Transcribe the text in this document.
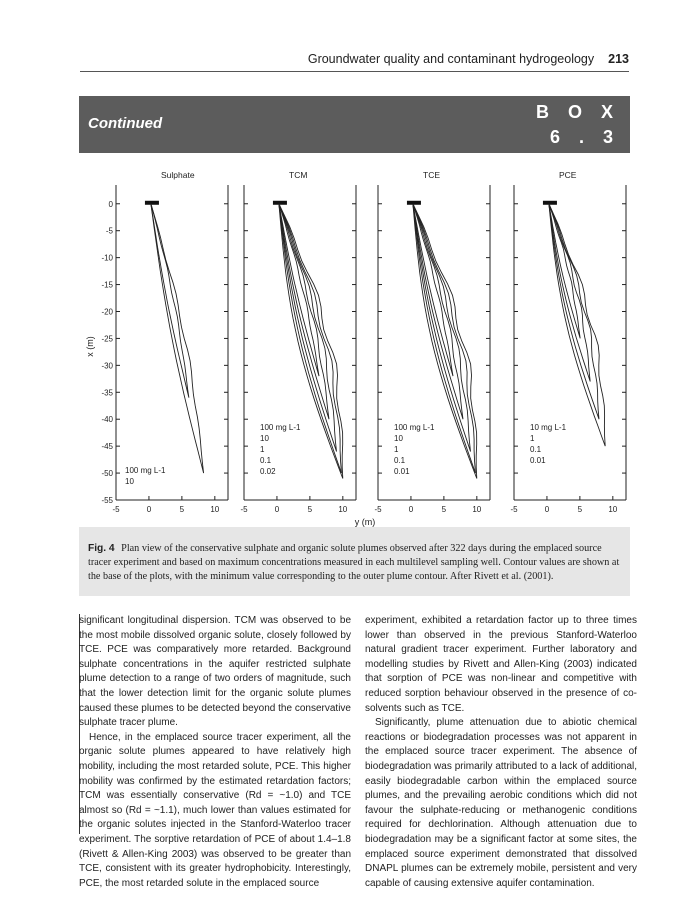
Groundwater quality and contaminant hydrogeology 213
Continued
B O X
6 . 3
0
-5
-10
-15
-20
-25
-30
-35
-40
-45
-50
-55
-5	0	5	10
Sulphate
100 mg L-1
10
-5	0	5	10
TCM
100 mg L-1
10
1
0.1
0.02
-5	0	5	10
TCE
100 mg L-1
10
1
0.1
0.01
-5	0	5	10
PCE
10 mg L-1
1
0.1
0.01
x (m)
y (m)
Fig. 4 Plan view of the conservative sulphate and organic solute plumes observed after 322 days during the emplaced source tracer experiment and based on maximum concentrations measured in each multilevel sampling well. Contour values are shown at the base of the plots, with the minimum value corresponding to the outer plume contour. After Rivett et al. (2001).

significant longitudinal dispersion. TCM was observed to be the most mobile dissolved organic solute, closely followed by TCE. PCE was comparatively more retarded. Background sulphate concentrations in the aquifer restricted sulphate plume detection to a range of two orders of magnitude, such that the lower detection limit for the organic solute plumes caused these plumes to be detected beyond the conservative sulphate tracer plume.

Hence, in the emplaced source tracer experiment, all the organic solute plumes appeared to have relatively high mobility, including the most retarded solute, PCE. This higher mobility was confirmed by the estimated retardation factors; TCM was essentially conservative (Rd = ~1.0) and TCE almost so (Rd = ~1.1), much lower than values estimated for the organic solutes injected in the Stanford-Waterloo tracer experiment. The sorptive retardation of PCE of about 1.4–1.8 (Rivett & Allen-King 2003) was observed to be greater than TCE, consistent with its greater hydrophobicity. Interestingly, PCE, the most retarded solute in the emplaced source

experiment, exhibited a retardation factor up to three times lower than observed in the previous Stanford-Waterloo natural gradient tracer experiment. Further laboratory and modelling studies by Rivett and Allen-King (2003) indicated that sorption of PCE was non-linear and competitive with reduced sorption behaviour observed in the presence of co-solvents such as TCE.

Significantly, plume attenuation due to abiotic chemical reactions or biodegradation processes was not apparent in the emplaced source tracer experiment. The absence of biodegradation was primarily attributed to a lack of additional, easily biodegradable carbon within the emplaced source plumes, and the prevailing aerobic conditions which did not favour the sulphate-reducing or methanogenic conditions required for dechlorination. Although attenuation due to biodegradation may be a significant factor at some sites, the emplaced source experiment demonstrated that dissolved DNAPL plumes can be extremely mobile, persistent and very capable of causing extensive aquifer contamination.
